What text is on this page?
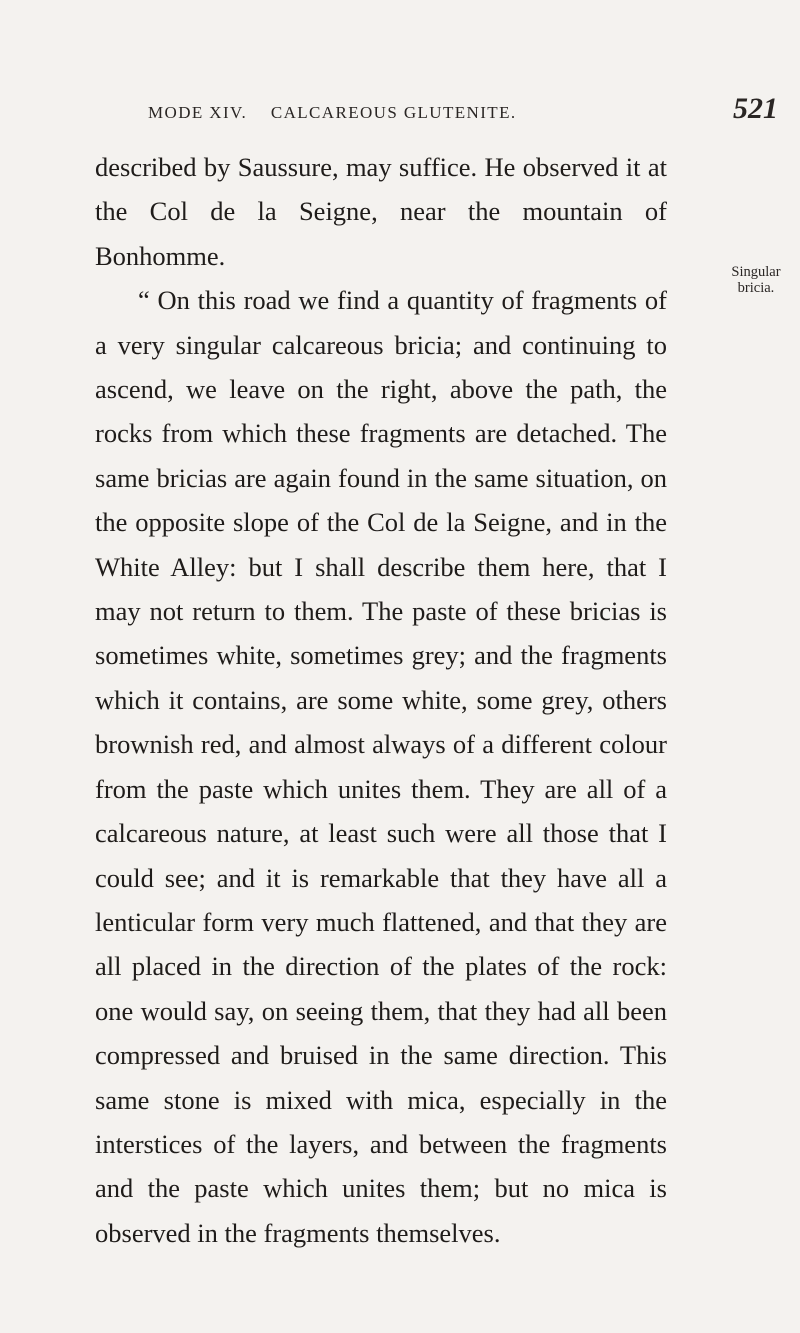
MODE XIV. CALCAREOUS GLUTENITE.	521
Singular
bricia.

described by Saussure, may suffice. He observed it at the Col de la Seigne, near the mountain of Bonhomme.

“ On this road we find a quantity of fragments of a very singular calcareous bricia; and continuing to ascend, we leave on the right, above the path, the rocks from which these fragments are detached. The same bricias are again found in the same situation, on the opposite slope of the Col de la Seigne, and in the White Alley: but I shall describe them here, that I may not return to them. The paste of these bricias is sometimes white, sometimes grey; and the fragments which it contains, are some white, some grey, others brownish red, and almost always of a different colour from the paste which unites them. They are all of a calcareous nature, at least such were all those that I could see; and it is remarkable that they have all a lenticular form very much flattened, and that they are all placed in the direction of the plates of the rock: one would say, on seeing them, that they had all been compressed and bruised in the same direction. This same stone is mixed with mica, especially in the interstices of the layers, and between the fragments and the paste which unites them; but no mica is observed in the fragments themselves.
